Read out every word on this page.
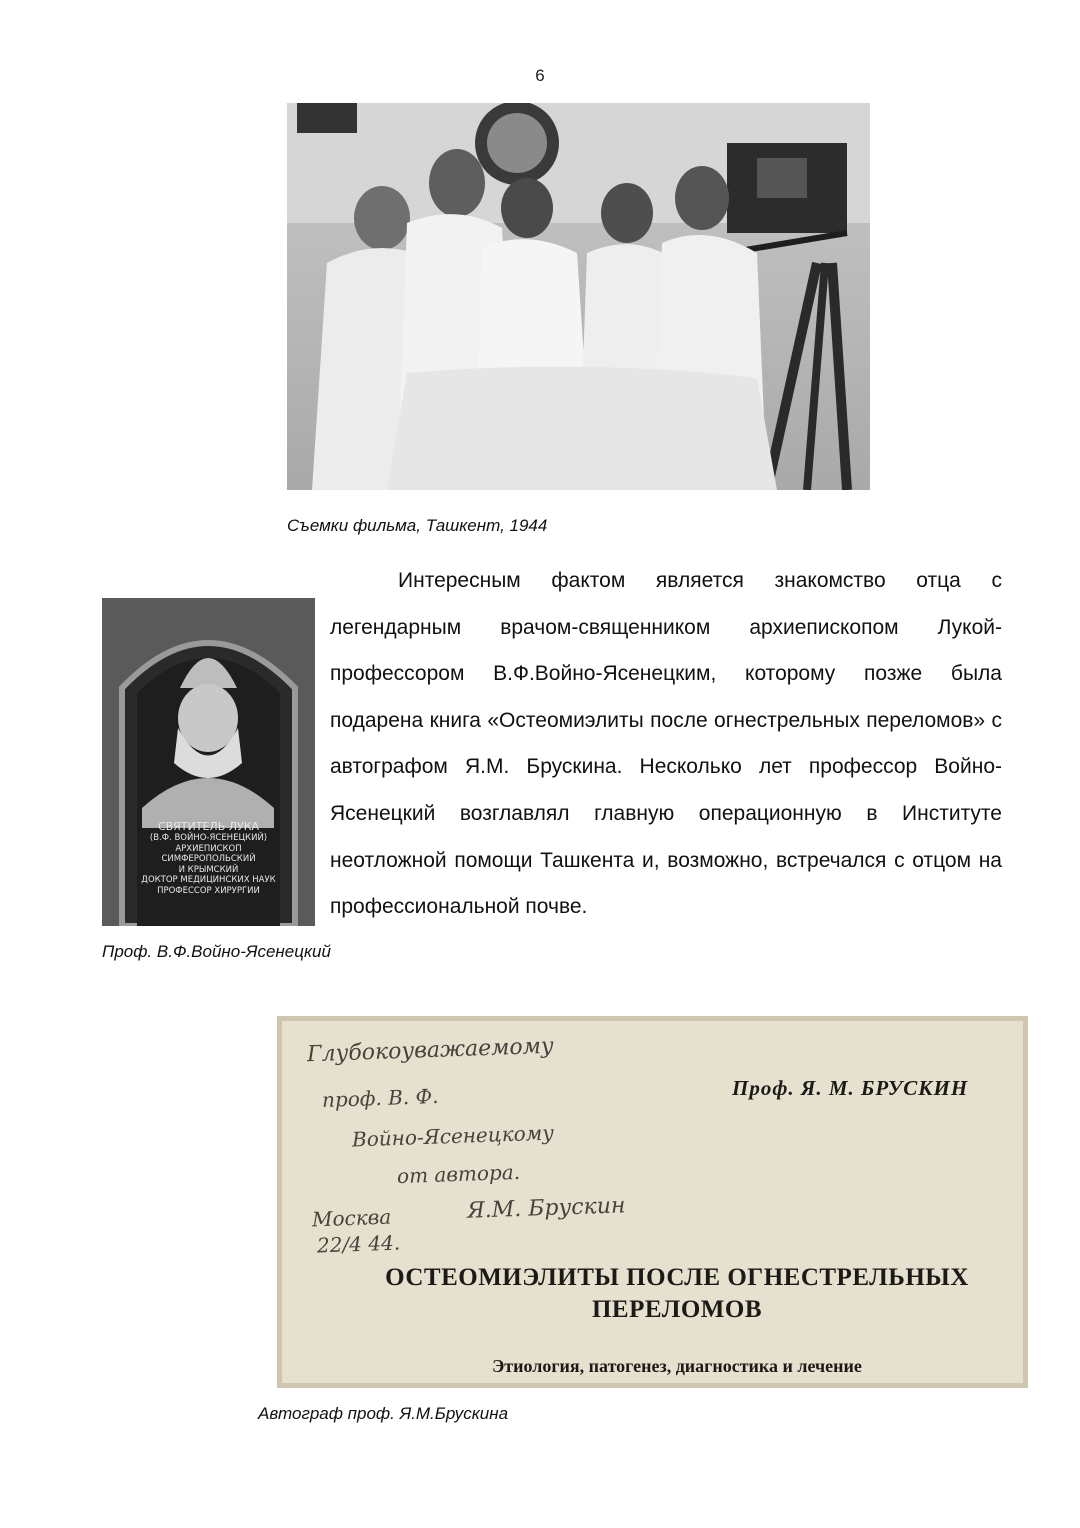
6
Съемки фильма, Ташкент, 1944
СВЯТИТЕЛЬ ЛУКА
(В.Ф. ВОЙНО-ЯСЕНЕЦКИЙ)
АРХИЕПИСКОП
СИМФЕРОПОЛЬСКИЙ
И КРЫМСКИЙ
ДОКТОР МЕДИЦИНСКИХ НАУК
ПРОФЕССОР ХИРУРГИИ
Проф. В.Ф.Войно-Ясенецкий
Интересным фактом является знакомство отца с легендарным врачом-священником архиепископом Лукой-профессором В.Ф.Войно-Ясенецким, которому позже была подарена книга «Остеомиэлиты после огнестрельных переломов» с автографом Я.М. Брускина. Несколько лет профессор Войно-Ясенецкий возглавлял главную операционную в Институте неотложной помощи Ташкента и, возможно, встречался с отцом на профессиональной почве.
Глубокоуважаемому
проф. В. Ф.
Войно-Ясенецкому
от автора.
Москва
22/4 44.
Я.М. Брускин
Проф. Я. М. БРУСКИН
ОСТЕОМИЭЛИТЫ ПОСЛЕ ОГНЕСТРЕЛЬНЫХ
ПЕРЕЛОМОВ
Этиология, патогенез, диагностика и лечение
Автограф проф. Я.М.Брускина
